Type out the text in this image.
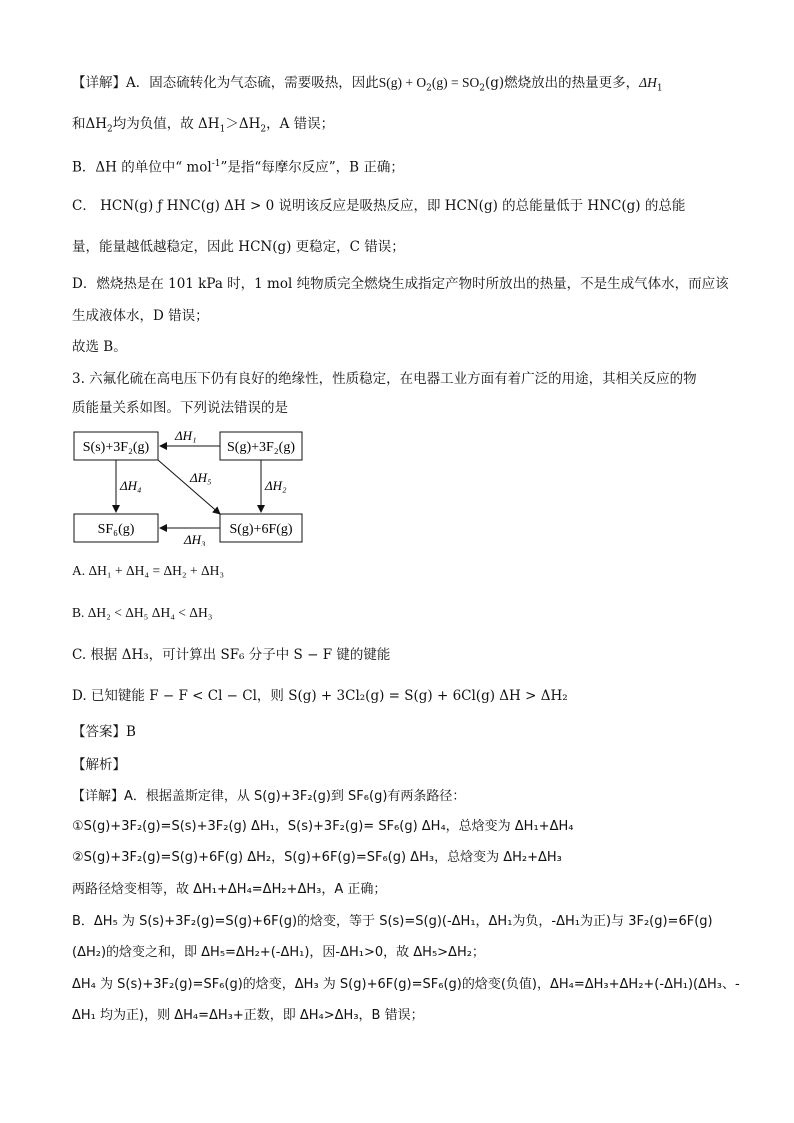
【详解】A．固态硫转化为气态硫，需要吸热，因此$S(g) + O_2(g) = SO_2(g)$燃烧放出的热量更多，$\Delta H_1$
和$\Delta H_2$均为负值，故 $\Delta H_1>\Delta H_2$，A 错误；
B．ΔH 的单位中“ mol$^{-1}$”是指“每摩尔反应”，B 正确；
C． HCN(g) ƒ HNC(g) ΔH > 0 说明该反应是吸热反应，即 HCN(g) 的总能量低于 HNC(g) 的总能
量，能量越低越稳定，因此 HCN(g) 更稳定，C 错误；
D．燃烧热是在 101 kPa 时，1 mol 纯物质完全燃烧生成指定产物时所放出的热量，不是生成气体水，而应该
生成液体水，D 错误；
故选 B。
3. 六氟化硫在高电压下仍有良好的绝缘性，性质稳定，在电器工业方面有着广泛的用途，其相关反应的物
质能量关系如图。下列说法错误的是
S(s)+3F₂(g)	S(g)+3F₂(g)
SF₆(g)	S(g)+6F(g)
ΔH₁
ΔH₄	ΔH₂
ΔH₃
ΔH₅
A. ΔH₁ + ΔH₄ = ΔH₂ + ΔH₃
B. ΔH₂ < ΔH₅ ΔH₄ < ΔH₃
C. 根据 ΔH₃，可计算出 SF₆ 分子中 S − F 键的键能
D. 已知键能 F − F < Cl − Cl，则 S(g) + 3Cl₂(g) = S(g) + 6Cl(g) ΔH > ΔH₂
【答案】B
【解析】
【详解】A．根据盖斯定律，从 S(g)+3F₂(g)到 SF₆(g)有两条路径：
①S(g)+3F₂(g)=S(s)+3F₂(g) ΔH₁，S(s)+3F₂(g)= SF₆(g) ΔH₄，总焓变为 ΔH₁+ΔH₄
②S(g)+3F₂(g)=S(g)+6F(g) ΔH₂，S(g)+6F(g)=SF₆(g) ΔH₃，总焓变为 ΔH₂+ΔH₃
两路径焓变相等，故 ΔH₁+ΔH₄=ΔH₂+ΔH₃，A 正确；
B．ΔH₅ 为 S(s)+3F₂(g)=S(g)+6F(g)的焓变，等于 S(s)=S(g)(-ΔH₁，ΔH₁为负，-ΔH₁为正)与 3F₂(g)=6F(g)
(ΔH₂)的焓变之和，即 ΔH₅=ΔH₂+(-ΔH₁)，因-ΔH₁>0，故 ΔH₅>ΔH₂；
ΔH₄ 为 S(s)+3F₂(g)=SF₆(g)的焓变，ΔH₃ 为 S(g)+6F(g)=SF₆(g)的焓变(负值)，ΔH₄=ΔH₃+ΔH₂+(-ΔH₁)(ΔH₃、-
ΔH₁ 均为正)，则 ΔH₄=ΔH₃+正数，即 ΔH₄>ΔH₃，B 错误；
